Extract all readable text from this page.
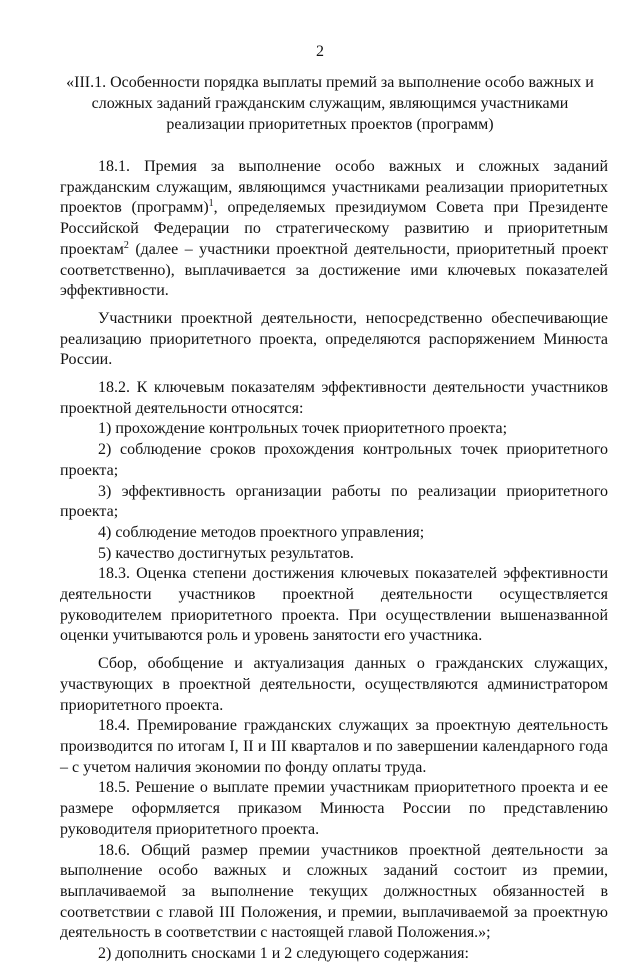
2
«III.1. Особенности порядка выплаты премий за выполнение особо важных и сложных заданий гражданским служащим, являющимся участниками реализации приоритетных проектов (программ)

18.1. Премия за выполнение особо важных и сложных заданий гражданским служащим, являющимся участниками реализации приоритетных проектов (программ)$^1$, определяемых президиумом Совета при Президенте Российской Федерации по стратегическому развитию и приоритетным проектам$^2$ (далее – участники проектной деятельности, приоритетный проект соответственно), выплачивается за достижение ими ключевых показателей эффективности.

Участники проектной деятельности, непосредственно обеспечивающие реализацию приоритетного проекта, определяются распоряжением Минюста России.

18.2. К ключевым показателям эффективности деятельности участников проектной деятельности относятся:

1) прохождение контрольных точек приоритетного проекта;

2) соблюдение сроков прохождения контрольных точек приоритетного проекта;

3) эффективность организации работы по реализации приоритетного проекта;

4) соблюдение методов проектного управления;

5) качество достигнутых результатов.

18.3. Оценка степени достижения ключевых показателей эффективности деятельности участников проектной деятельности осуществляется руководителем приоритетного проекта. При осуществлении вышеназванной оценки учитываются роль и уровень занятости его участника.

Сбор, обобщение и актуализация данных о гражданских служащих, участвующих в проектной деятельности, осуществляются администратором приоритетного проекта.

18.4. Премирование гражданских служащих за проектную деятельность производится по итогам I, II и III кварталов и по завершении календарного года – с учетом наличия экономии по фонду оплаты труда.

18.5. Решение о выплате премии участникам приоритетного проекта и ее размере оформляется приказом Минюста России по представлению руководителя приоритетного проекта.

18.6. Общий размер премии участников проектной деятельности за выполнение особо важных и сложных заданий состоит из премии, выплачиваемой за выполнение текущих должностных обязанностей в соответствии с главой III Положения, и премии, выплачиваемой за проектную деятельность в соответствии с настоящей главой Положения.»;

2) дополнить сносками 1 и 2 следующего содержания:
